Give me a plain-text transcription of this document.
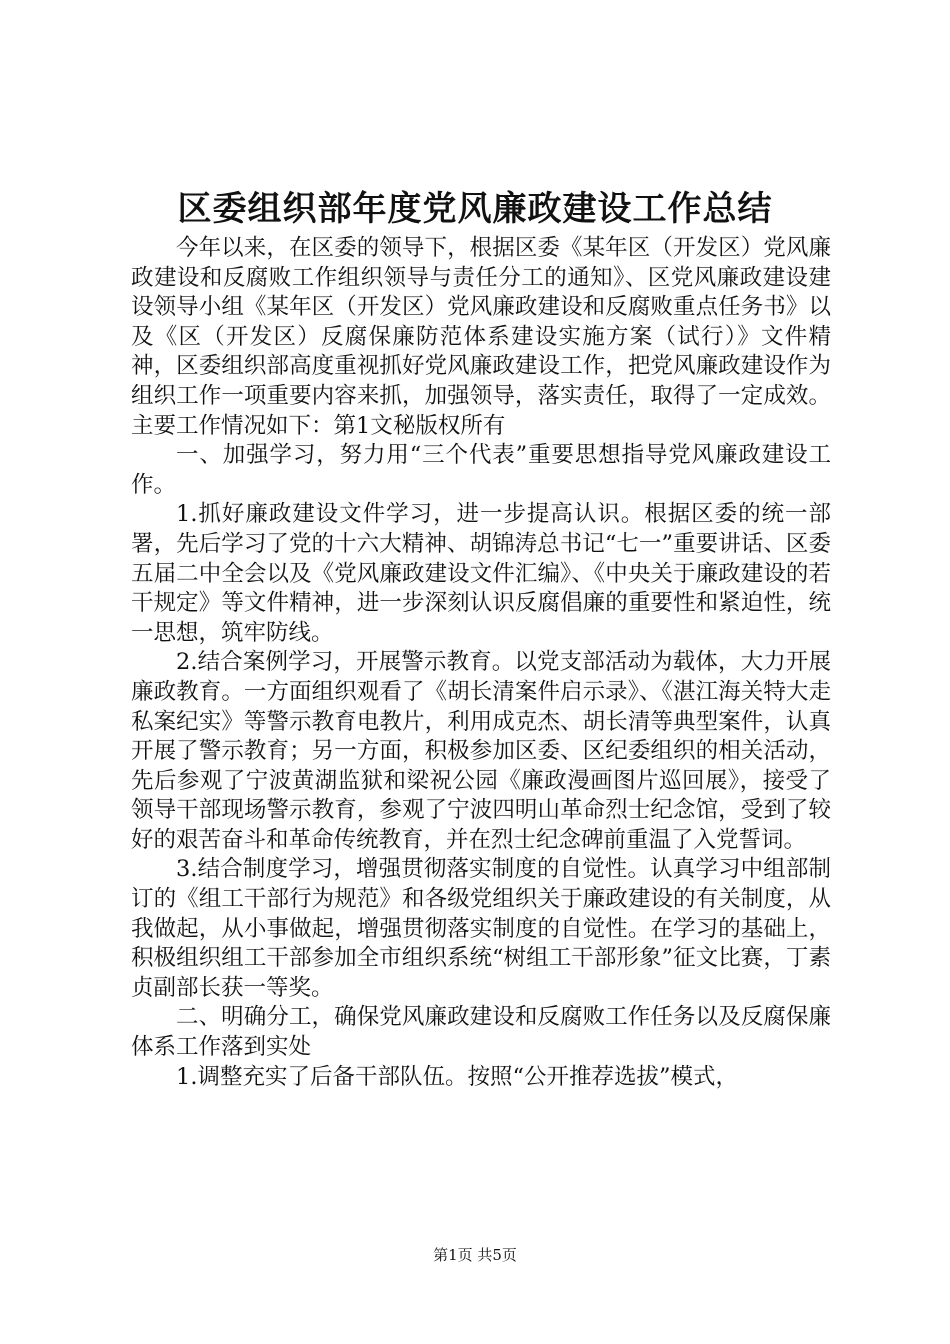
区委组织部年度党风廉政建设工作总结

今年以来，在区委的领导下，根据区委《某年区（开发区）党风廉政建设和反腐败工作组织领导与责任分工的通知》、区党风廉政建设建设领导小组《某年区（开发区）党风廉政建设和反腐败重点任务书》以及《区（开发区）反腐保廉防范体系建设实施方案（试行）》文件精神，区委组织部高度重视抓好党风廉政建设工作，把党风廉政建设作为组织工作一项重要内容来抓，加强领导，落实责任，取得了一定成效。主要工作情况如下：第1文秘版权所有

一、加强学习，努力用“三个代表”重要思想指导党风廉政建设工作。

1.抓好廉政建设文件学习，进一步提高认识。根据区委的统一部署，先后学习了党的十六大精神、胡锦涛总书记“七一”重要讲话、区委五届二中全会以及《党风廉政建设文件汇编》、《中央关于廉政建设的若干规定》等文件精神，进一步深刻认识反腐倡廉的重要性和紧迫性，统一思想，筑牢防线。

2.结合案例学习，开展警示教育。以党支部活动为载体，大力开展廉政教育。一方面组织观看了《胡长清案件启示录》、《湛江海关特大走私案纪实》等警示教育电教片，利用成克杰、胡长清等典型案件，认真开展了警示教育；另一方面，积极参加区委、区纪委组织的相关活动，先后参观了宁波黄湖监狱和梁祝公园《廉政漫画图片巡回展》，接受了领导干部现场警示教育，参观了宁波四明山革命烈士纪念馆，受到了较好的艰苦奋斗和革命传统教育，并在烈士纪念碑前重温了入党誓词。

3.结合制度学习，增强贯彻落实制度的自觉性。认真学习中组部制订的《组工干部行为规范》和各级党组织关于廉政建设的有关制度，从我做起，从小事做起，增强贯彻落实制度的自觉性。在学习的基础上，积极组织组工干部参加全市组织系统“树组工干部形象”征文比赛，丁素贞副部长获一等奖。

二、明确分工，确保党风廉政建设和反腐败工作任务以及反腐保廉体系工作落到实处

1.调整充实了后备干部队伍。按照“公开推荐选拔”模式，

第1页 共5页
